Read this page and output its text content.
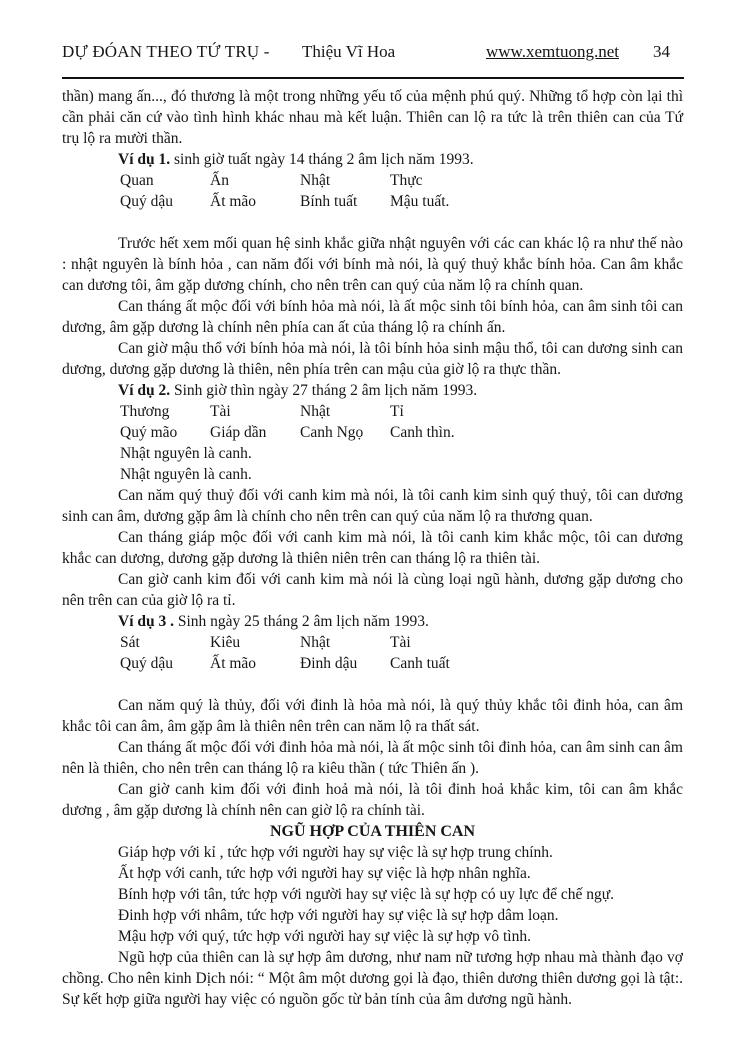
DỰ ĐÓAN THEO TỨ TRỤ - Thiệu Vĩ Hoa	www.xemtuong.net 34

thần) mang ấn..., đó thương là một trong những yếu tố của mệnh phú quý. Những tổ hợp còn lại thì cần phải căn cứ vào tình hình khác nhau mà kết luận. Thiên can lộ ra tức là trên thiên can của Tứ trụ lộ ra mười thần.

Ví dụ 1. sinh giờ tuất ngày 14 tháng 2 âm lịch năm 1993.

Quan	Ấn	Nhật	Thực
Quý dậu	Ất mão	Bính tuất	Mậu tuất.

Trước hết xem mối quan hệ sinh khắc giữa nhật nguyên với các can khác lộ ra như thế nào : nhật nguyên là bính hỏa , can năm đối với bính mà nói, là quý thuỷ khắc bính hỏa. Can âm khắc can dương tôi, âm gặp dương chính, cho nên trên can quý của năm lộ ra chính quan.

Can tháng ất mộc đối với bính hỏa mà nói, là ất mộc sinh tôi bính hỏa, can âm sinh tôi can dương, âm gặp dương là chính nên phía can ất của tháng lộ ra chính ấn.

Can giờ mậu thổ với bính hỏa mà nói, là tôi bính hỏa sinh mậu thổ, tôi can dương sinh can dương, dương gặp dương là thiên, nên phía trên can mậu của giờ lộ ra thực thần.

Ví dụ 2. Sinh giờ thìn ngày 27 tháng 2 âm lịch năm 1993.

Thương	Tài	Nhật	Tỉ
Quý mão	Giáp dần	Canh Ngọ	Canh thìn.
Nhật nguyên là canh.
Nhật nguyên là canh.

Can năm quý thuỷ đối với canh kim mà nói, là tôi canh kim sinh quý thuỷ, tôi can dương sinh can âm, dương gặp âm là chính cho nên trên can quý của năm lộ ra thương quan.

Can tháng giáp mộc đối với canh kim mà nói, là tôi canh kim khắc mộc, tôi can dương khắc can dương, dương gặp dương là thiên niên trên can tháng lộ ra thiên tài.

Can giờ canh kim đối với canh kim mà nói là cùng loại ngũ hành, dương gặp dương cho nên trên can của giờ lộ ra tỉ.

Ví dụ 3 . Sinh ngày 25 tháng 2 âm lịch năm 1993.

Sát	Kiêu	Nhật	Tài
Quý dậu	Ất mão	Đinh dậu	Canh tuất

Can năm quý là thủy, đối với đinh là hỏa mà nói, là quý thủy khắc tôi đinh hỏa, can âm khắc tôi can âm, âm gặp âm là thiên nên trên can năm lộ ra thất sát.

Can tháng ất mộc đối với đinh hỏa mà nói, là ất mộc sinh tôi đinh hỏa, can âm sinh can âm nên là thiên, cho nên trên can tháng lộ ra kiêu thần ( tức Thiên ấn ).

Can giờ canh kim đối với đinh hoả mà nói, là tôi đinh hoả khắc kim, tôi can âm khắc dương , âm gặp dương là chính nên can giờ lộ ra chính tài.

NGŨ HỢP CỦA THIÊN CAN

Giáp hợp với kỉ , tức hợp với người hay sự việc là sự hợp trung chính.

Ất hợp với canh, tức hợp với người hay sự việc là hợp nhân nghĩa.

Bính hợp với tân, tức hợp với người hay sự việc là sự hợp có uy lực để chế ngự.

Đinh hợp với nhâm, tức hợp với người hay sự việc là sự hợp dâm loạn.

Mậu hợp với quý, tức hợp với người hay sự việc là sự hợp vô tình.

Ngũ hợp của thiên can là sự hợp âm dương, như nam nữ tương hợp nhau mà thành đạo vợ chồng. Cho nên kinh Dịch nói: “ Một âm một dương gọi là đạo, thiên dương thiên dương gọi là tật:. Sự kết hợp giữa người hay việc có nguồn gốc từ bản tính của âm dương ngũ hành.
